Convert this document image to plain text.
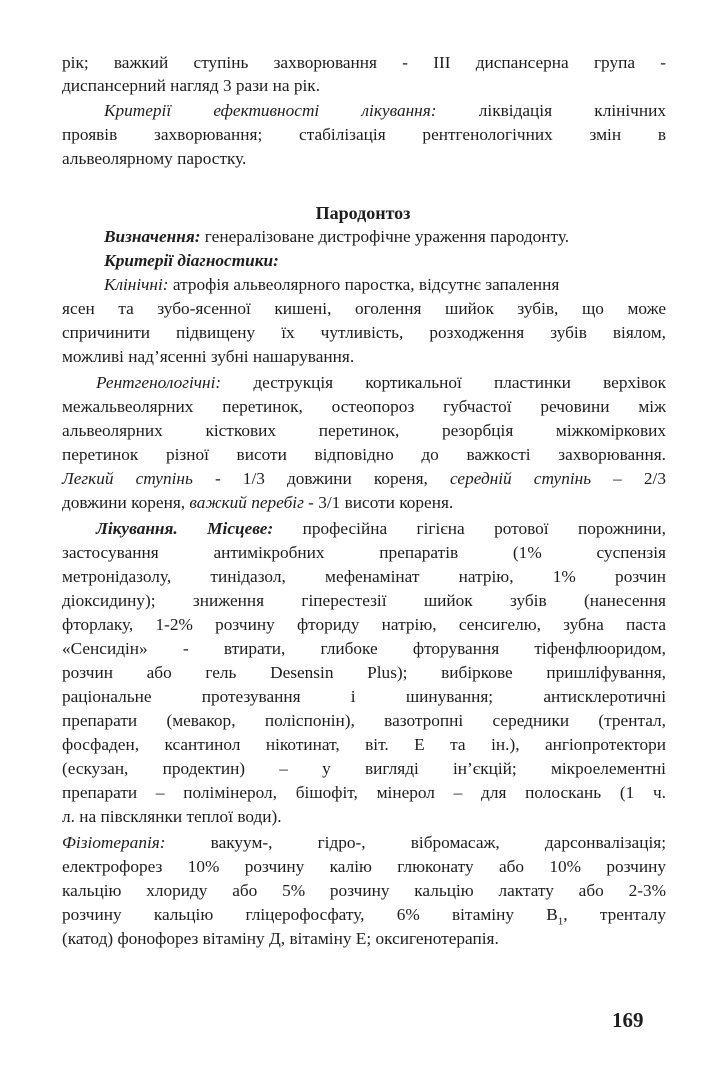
рік; важкий ступінь захворювання - ІІІ диспансерна група -
диспансерний нагляд 3 рази на рік.
Критерії ефективності лікування: ліквідація клінічних
проявів захворювання; стабілізація рентгенологічних змін в
альвеолярному паростку.
Пародонтоз
Визначення: генералізоване дистрофічне ураження пародонту.
Критерії діагностики:
Клінічні: атрофія альвеолярного паростка, відсутнє запалення
ясен та зубо-ясенної кишені, оголення шийок зубів, що може
спричинити підвищену їх чутливість, розходження зубів віялом,
можливі над’ясенні зубні нашарування.
Рентгенологічні: деструкція кортикальної пластинки верхівок
межальвеолярних перетинок, остеопороз губчастої речовини між
альвеолярних кісткових перетинок, резорбція міжкоміркових
перетинок різної висоти відповідно до важкості захворювання.
Легкий ступінь - 1/3 довжини кореня, середній ступінь – 2/3
довжини кореня, важкий перебіг - 3/1 висоти кореня.
Лікування. Місцеве: професійна гігієна ротової порожнини,
застосування антимікробних препаратів (1% суспензія
метронідазолу, тинідазол, мефенамінат натрію, 1% розчин
діоксидину); зниження гіперестезії шийок зубів (нанесення
фторлаку, 1-2% розчину фториду натрію, сенсигелю, зубна паста
«Сенсидін» - втирати, глибоке фторування тіфенфлюоридом,
розчин або гель Desensin Plus); вибіркове пришліфування,
раціональне протезування і шинування; антисклеротичні
препарати (мевакор, поліспонін), вазотропні середники (трентал,
фосфаден, ксантинол нікотинат, віт. Е та ін.), ангіопротектори
(ескузан, продектин) – у вигляді ін’єкцій; мікроелементні
препарати – полімінерол, бішофіт, мінерол – для полоскань (1 ч.
л. на півсклянки теплої води).
Фізіотерапія: вакуум-, гідро-, вібромасаж, дарсонвалізація;
електрофорез 10% розчину калію глюконату або 10% розчину
кальцію хлориду або 5% розчину кальцію лактату або 2-3%
розчину кальцію гліцерофосфату, 6% вітаміну $В_1$, тренталу
(катод) фонофорез вітаміну Д, вітаміну Е; оксигенотерапія.
169
